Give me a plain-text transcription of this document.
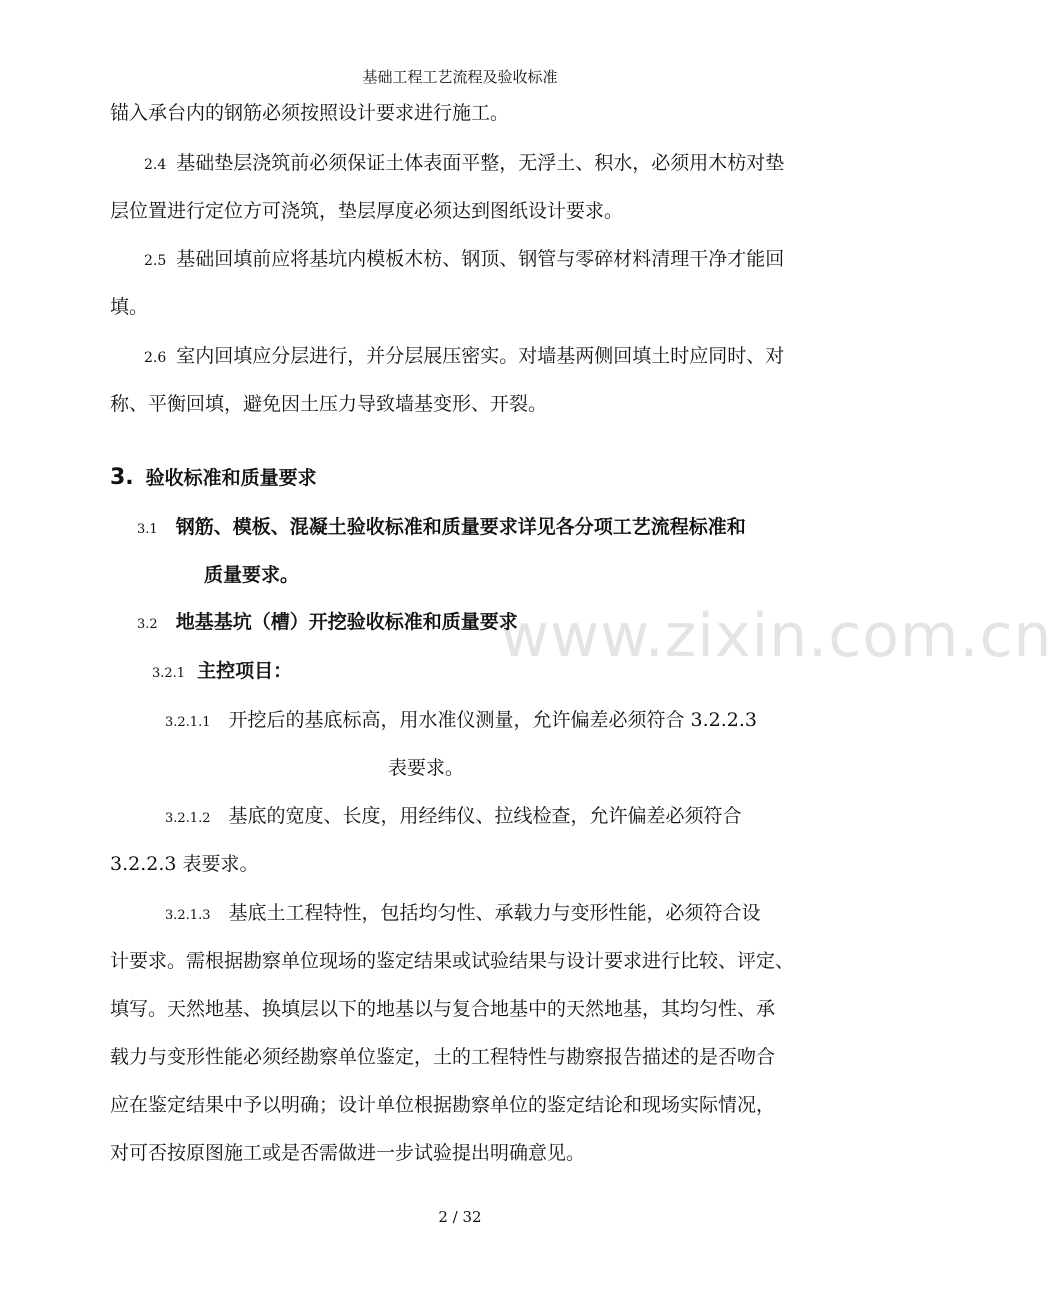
基础工程工艺流程及验收标准
www.zixin.com.cn
锚入承台内的钢筋必须按照设计要求进行施工。
2.4 基础垫层浇筑前必须保证土体表面平整，无浮土、积水，必须用木枋对垫
层位置进行定位方可浇筑，垫层厚度必须达到图纸设计要求。
2.5 基础回填前应将基坑内模板木枋、钢顶、钢管与零碎材料清理干净才能回
填。
2.6 室内回填应分层进行，并分层展压密实。对墙基两侧回填土时应同时、对
称、平衡回填，避免因土压力导致墙基变形、开裂。
3. 验收标准和质量要求
3.1 钢筋、模板、混凝土验收标准和质量要求详见各分项工艺流程标准和
质量要求。
3.2 地基基坑（槽）开挖验收标准和质量要求
3.2.1 主控项目：
3.2.1.1 开挖后的基底标高，用水准仪测量，允许偏差必须符合 3.2.2.3
表要求。
3.2.1.2 基底的宽度、长度，用经纬仪、拉线检查，允许偏差必须符合
3.2.2.3 表要求。
3.2.1.3 基底土工程特性，包括均匀性、承载力与变形性能，必须符合设
计要求。需根据勘察单位现场的鉴定结果或试验结果与设计要求进行比较、评定、
填写。天然地基、换填层以下的地基以与复合地基中的天然地基，其均匀性、承
载力与变形性能必须经勘察单位鉴定，土的工程特性与勘察报告描述的是否吻合
应在鉴定结果中予以明确；设计单位根据勘察单位的鉴定结论和现场实际情况，
对可否按原图施工或是否需做进一步试验提出明确意见。
2 / 32
